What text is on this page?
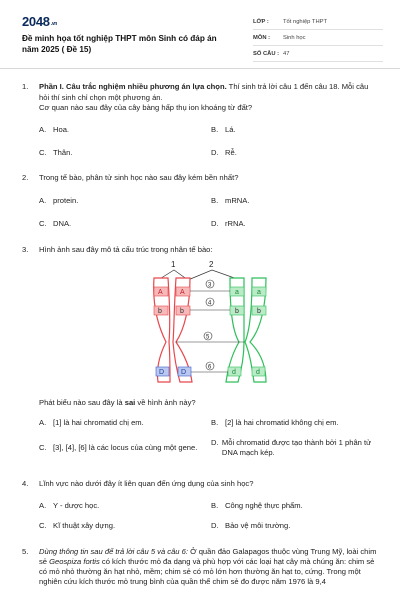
$2048^{.vn}$
Đề minh họa tốt nghiệp THPT môn Sinh có đáp án năm 2025 ( Đề 15)
LỚP :	Tốt nghiệp THPT
MÔN :	Sinh học
SỐ CÂU : 47
1. Phần I. Câu trắc nghiệm nhiều phương án lựa chọn. Thí sinh trả lời câu 1 đến câu 18. Mỗi câu hỏi thí sinh chỉ chọn một phương án.
Cơ quan nào sau đây của cây bàng hấp thụ ion khoáng từ đất?
A. Hoa.	B. Lá.
C. Thân.	D. Rễ.
2. Trong tế bào, phân tử sinh học nào sau đây kém bền nhất?
A. protein.	B. mRNA.
C. DNA.	D. rRNA.
3. Hình ảnh sau đây mô tả cấu trúc trong nhân tế bào:
1	2
A A	a	a
b	b	b	b
D D	d	d
3
4
5
6
Phát biểu nào sau đây là sai về hình ảnh này?
A. [1] là hai chromatid chị em.	B. [2] là hai chromatid không chị em.
C. [3], [4], [6] là các locus của cùng một gene.
D. Mỗi chromatid được tạo thành bởi 1 phân tử DNA mạch kép.
4. Lĩnh vực nào dưới đây ít liên quan đến ứng dụng của sinh học?
A. Y - dược học.	B. Công nghệ thực phẩm.
C. Kĩ thuật xây dựng.	D. Bảo vệ môi trường.
5. Dùng thông tin sau để trả lời câu 5 và câu 6: Ở quần đảo Galapagos thuộc vùng Trung Mỹ, loài chim sẻ Geospiza fortis có kích thước mỏ đa dạng và phù hợp với các loại hạt cây mà chúng ăn: chim sẻ có mỏ nhỏ thường ăn hạt nhỏ, mềm; chim sẻ có mỏ lớn hơn thường ăn hạt to, cứng. Trong một nghiên cứu kích thước mỏ trung bình của quần thể chim sẻ đo được năm 1976 là 9,4
